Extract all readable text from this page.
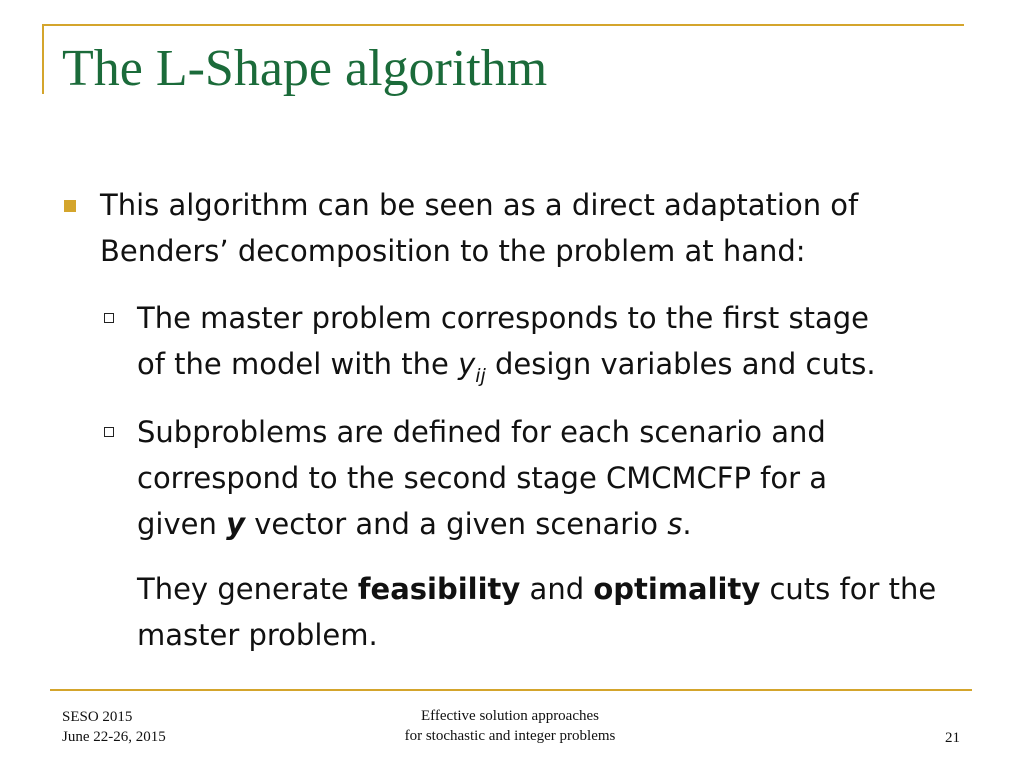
The L-Shape algorithm
This algorithm can be seen as a direct adaptation of
Benders’ decomposition to the problem at hand:
The master problem corresponds to the first stage
of the model with the $y_{ij}$ design variables and cuts.
Subproblems are defined for each scenario and
correspond to the second stage CMCMCFP for a
given y vector and a given scenario s.
They generate feasibility and optimality cuts for the
master problem.
SESO 2015
June 22-26, 2015
Effective solution approaches
for stochastic and integer problems	21
